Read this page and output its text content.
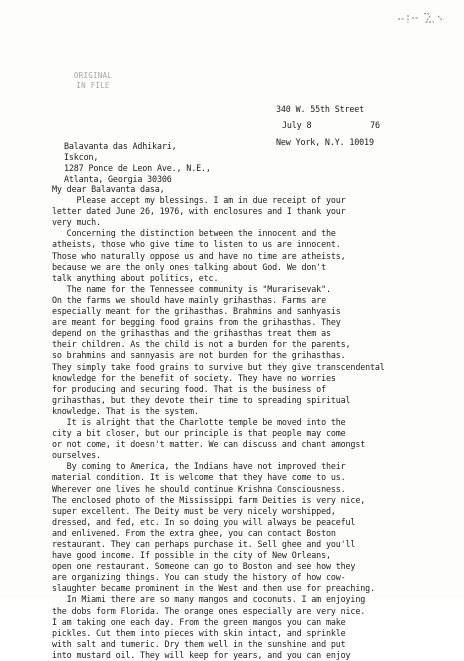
ORIGINAL
IN FILE

340 W. 55th Street

New York, N.Y. 10019

July 8	76
Balavanta das Adhikari,
Iskcon,
1287 Ponce de Leon Ave., N.E.,
Atlanta, Georgia 30306
My dear Balavanta dasa,
Please accept my blessings. I am in due receipt of your
letter dated June 26, 1976, with enclosures and I thank your
very much.
Concerning the distinction between the innocent and the
atheists, those who give time to listen to us are innocent.
Those who naturally oppose us and have no time are atheists,
because we are the only ones talking about God. We don't
talk anything about politics, etc.
The name for the Tennessee community is "Murarisevak".
On the farms we should have mainly grihasthas. Farms are
especially meant for the grihasthas. Brahmins and sanhyasis
are meant for begging food grains from the grihasthas. They
depend on the grihasthas and the grihasthas treat them as
their children. As the child is not a burden for the parents,
so brahmins and sannyasis are not burden for the grihasthas.
They simply take food grains to survive but they give transcendental
knowledge for the benefit of society. They have no worries
for producing and securing food. That is the business of
grihasthas, but they devote their time to spreading spiritual
knowledge. That is the system.
It is alright that the Charlotte temple be moved into the
city a bit closer, but our principle is that people may come
or not come, it doesn't matter. We can discuss and chant amongst
ourselves.
By coming to America, the Indians have not improved their
material condition. It is welcome that they have come to us.
Wherever one lives he should continue Krishna Consciousness.
The enclosed photo of the Mississippi farm Deities is very nice,
super excellent. The Deity must be very nicely worshipped,
dressed, and fed, etc. In so doing you will always be peaceful
and enlivened. From the extra ghee, you can contact Boston
restaurant. They can perhaps purchase it. Sell ghee and you'll
have good income. If possible in the city of New Orleans,
open one restaurant. Someone can go to Boston and see how they
are organizing things. You can study the history of how cow-
slaughter became prominent in the West and then use for preaching.
In Miami there are so many mangos and coconuts. I am enjoying
the dobs form Florida. The orange ones especially are very nice.
I am taking one each day. From the green mangos you can make
pickles. Cut them into pieces with skin intact, and sprinkle
with salt and tumeric. Dry them well in the sunshine and put
into mustard oil. They will keep for years, and you can enjoy
